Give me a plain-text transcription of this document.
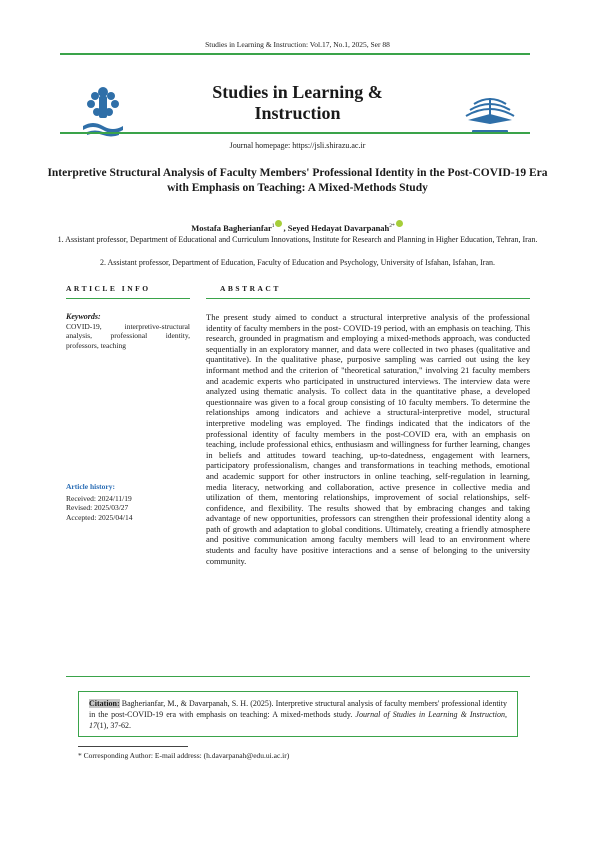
Studies in Learning & Instruction: Vol.17, No.1, 2025, Ser 88
Studies in Learning & Instruction
Journal homepage: https://jsli.shirazu.ac.ir
Interpretive Structural Analysis of Faculty Members' Professional Identity in the Post-COVID-19 Era with Emphasis on Teaching: A Mixed-Methods Study
Mostafa Bagherianfar$^1$ , Seyed Hedayat Davarpanah$^{2*}$
1. Assistant professor, Department of Educational and Curriculum Innovations, Institute for Research and Planning in Higher Education, Tehran, Iran.
2. Assistant professor, Department of Education, Faculty of Education and Psychology, University of Isfahan, Isfahan, Iran.
ARTICLE INFO	ABSTRACT
Keywords:
COVID-19, interpretive-structural analysis, professional identity, professors, teaching
Article history:
Received: 2024/11/19
Revised: 2025/03/27
Accepted: 2025/04/14
The present study aimed to conduct a structural interpretive analysis of the professional identity of faculty members in the post- COVID-19 period, with an emphasis on teaching. This research, grounded in pragmatism and employing a mixed-methods approach, was conducted sequentially in an exploratory manner, and data were collected in two phases (qualitative and quantitative). In the qualitative phase, purposive sampling was carried out using the key informant method and the criterion of "theoretical saturation," involving 21 faculty members and academic experts who participated in unstructured interviews. The interview data were analyzed using thematic analysis. To collect data in the quantitative phase, a developed questionnaire was given to a focal group consisting of 10 faculty members. To determine the relationships among indicators and achieve a structural-interpretive model, structural interpretive modeling was employed. The findings indicated that the indicators of the professional identity of faculty members in the post-COVID era, with an emphasis on teaching, include professional ethics, enthusiasm and willingness for further learning, changes in beliefs and attitudes toward teaching, up-to-datedness, engagement with learners, participatory professionalism, changes and transformations in teaching methods, emotional and academic support for other instructors in online teaching, self-regulation in learning, media literacy, networking and collaboration, active presence in collective media and utilization of them, mentoring relationships, improvement of social relationships, self-confidence, and flexibility. The results showed that by embracing changes and taking advantage of new opportunities, professors can strengthen their professional identity along a path of growth and adaptation to global conditions. Ultimately, creating a friendly atmosphere and positive communication among faculty members will lead to an environment where students and faculty have positive interactions and a sense of belonging to the university community.
Citation: Bagherianfar, M., & Davarpanah, S. H. (2025). Interpretive structural analysis of faculty members' professional identity in the post-COVID-19 era with emphasis on teaching: A mixed-methods study. Journal of Studies in Learning & Instruction, 17(1), 37-62.
* Corresponding Author: E-mail address: (h.davarpanah@edu.ui.ac.ir)
